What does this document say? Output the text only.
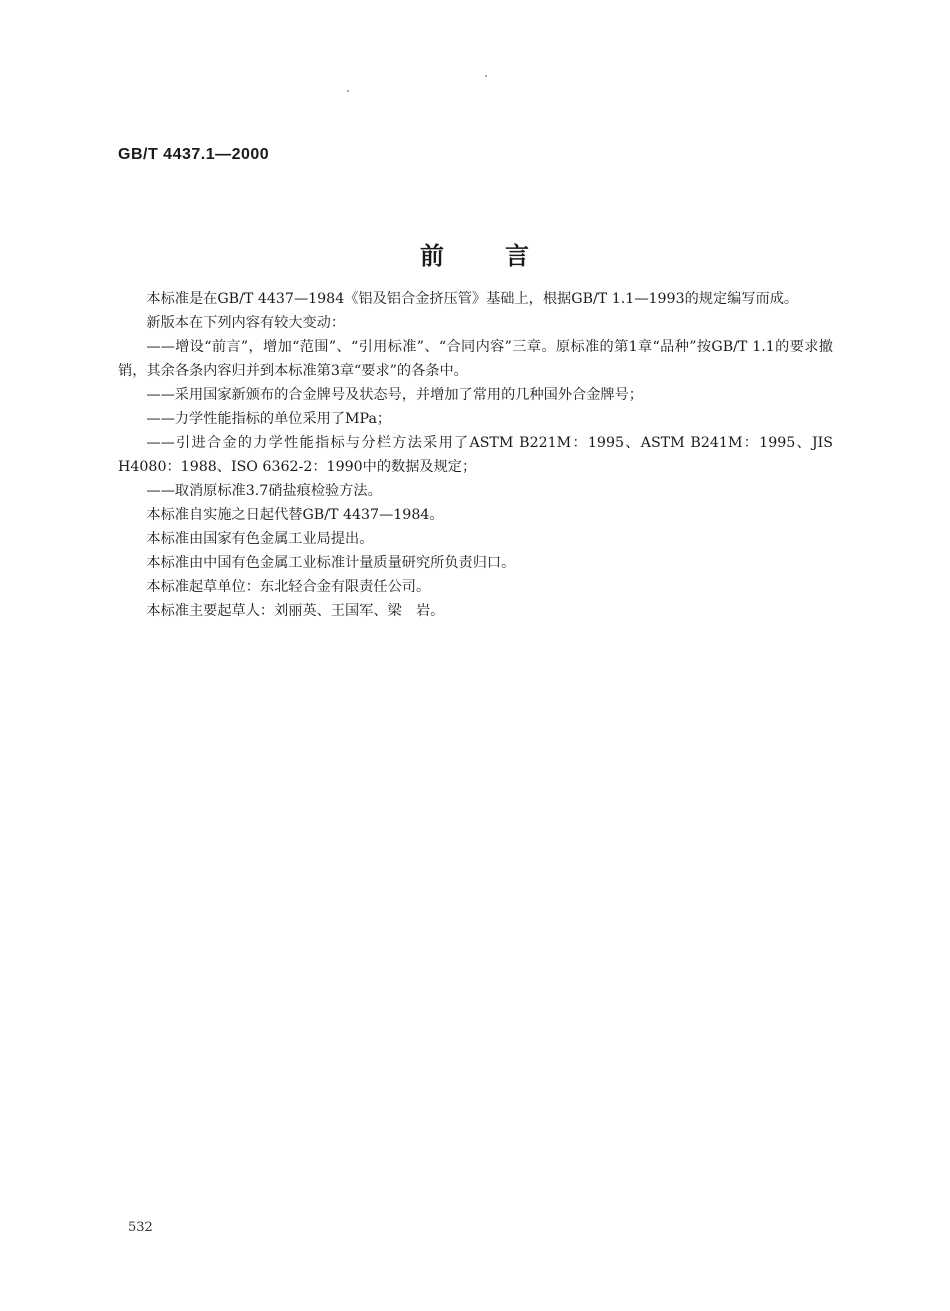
GB/T 4437.1—2000
前	言

本标准是在GB/T 4437—1984《铝及铝合金挤压管》基础上，根据GB/T 1.1—1993的规定编写而成。

新版本在下列内容有较大变动：

——增设“前言”，增加“范围”、“引用标准”、“合同内容”三章。原标准的第1章“品种”按GB/T 1.1的要求撤销，其余各条内容归并到本标准第3章“要求”的各条中。

——采用国家新颁布的合金牌号及状态号，并增加了常用的几种国外合金牌号；

——力学性能指标的单位采用了MPa；

——引进合金的力学性能指标与分栏方法采用了ASTM B221M：1995、ASTM B241M：1995、JIS H4080：1988、ISO 6362-2：1990中的数据及规定；

——取消原标准3.7硝盐痕检验方法。

本标准自实施之日起代替GB/T 4437—1984。

本标准由国家有色金属工业局提出。

本标准由中国有色金属工业标准计量质量研究所负责归口。

本标准起草单位：东北轻合金有限责任公司。

本标准主要起草人：刘丽英、王国军、梁　岩。

532
